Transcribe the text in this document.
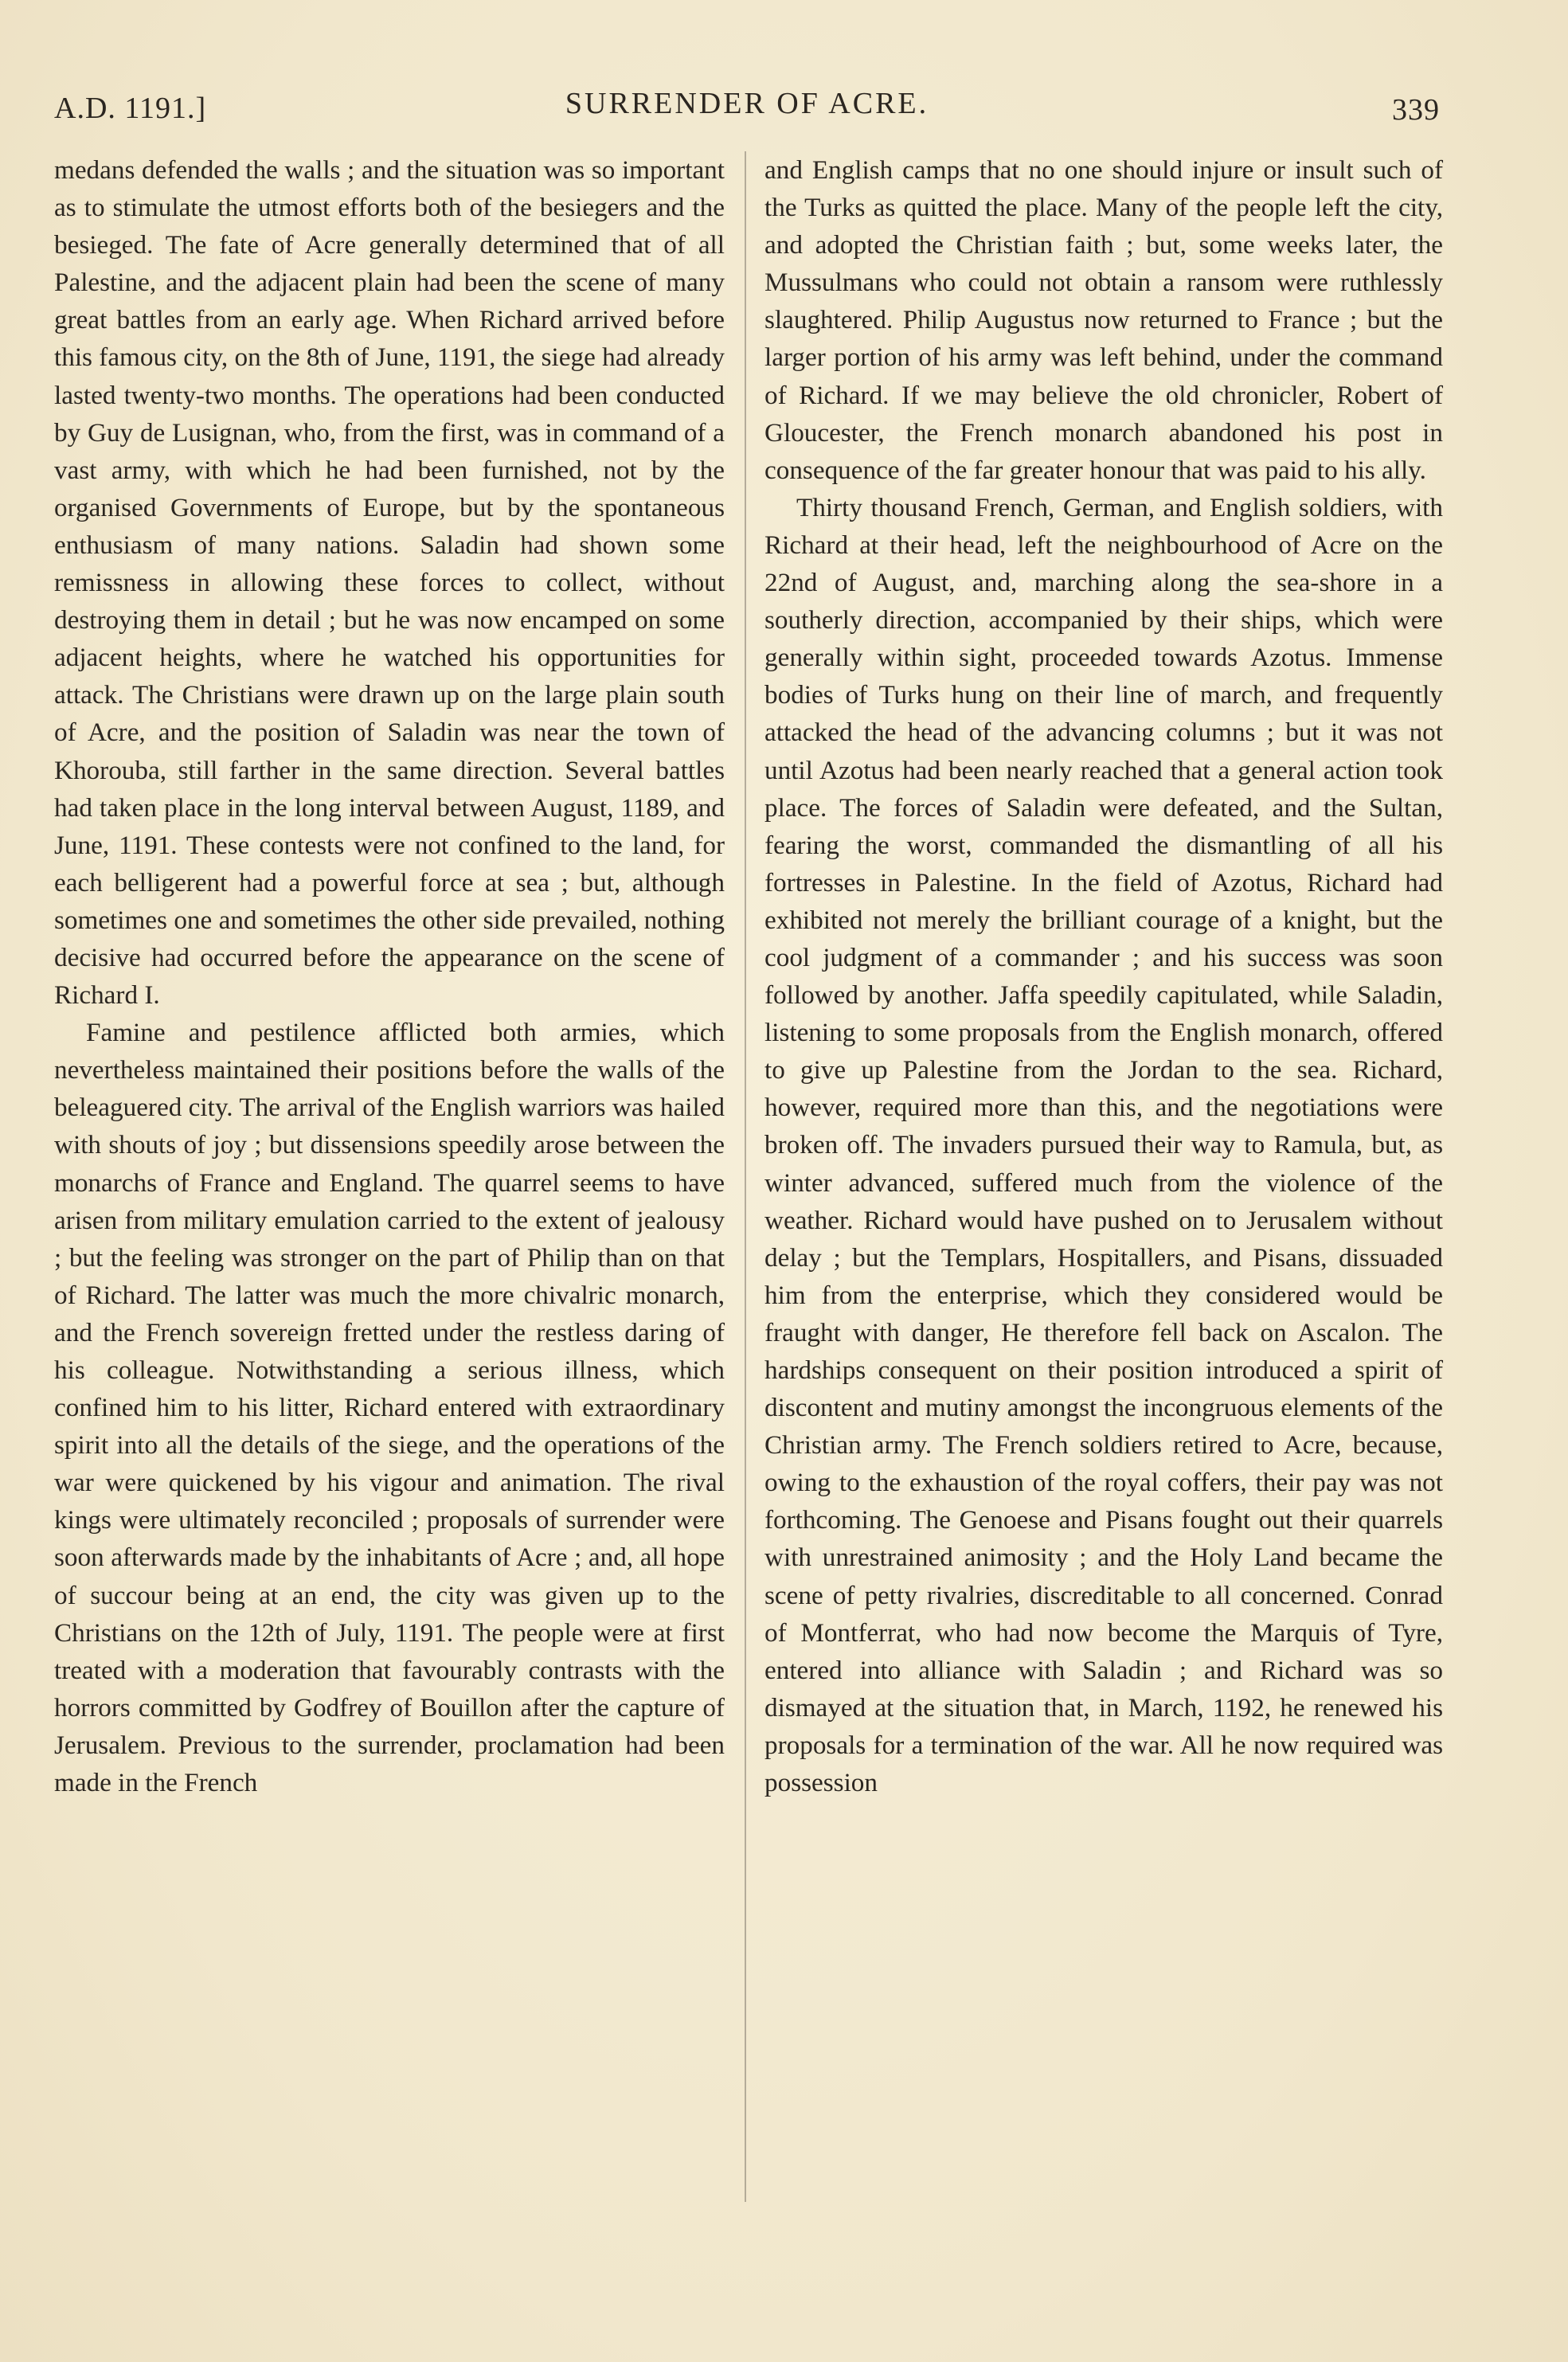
A.D. 1191.]	SURRENDER OF ACRE.	339

medans defended the walls ; and the situation was so important as to stimulate the utmost efforts both of the besiegers and the besieged. The fate of Acre generally determined that of all Palestine, and the adjacent plain had been the scene of many great battles from an early age. When Richard arrived before this famous city, on the 8th of June, 1191, the siege had already lasted twenty-two months. The operations had been conducted by Guy de Lusignan, who, from the first, was in command of a vast army, with which he had been furnished, not by the organised Governments of Europe, but by the spontaneous enthusiasm of many nations. Saladin had shown some remissness in allowing these forces to collect, without destroying them in detail ; but he was now encamped on some adjacent heights, where he watched his opportunities for attack. The Christians were drawn up on the large plain south of Acre, and the position of Saladin was near the town of Khorouba, still farther in the same direction. Several battles had taken place in the long interval between August, 1189, and June, 1191. These contests were not confined to the land, for each belligerent had a powerful force at sea ; but, although sometimes one and sometimes the other side prevailed, nothing decisive had occurred before the appearance on the scene of Richard I.

Famine and pestilence afflicted both armies, which nevertheless maintained their positions before the walls of the beleaguered city. The arrival of the English warriors was hailed with shouts of joy ; but dissensions speedily arose between the monarchs of France and England. The quarrel seems to have arisen from military emulation carried to the extent of jealousy ; but the feeling was stronger on the part of Philip than on that of Richard. The latter was much the more chivalric monarch, and the French sovereign fretted under the restless daring of his colleague. Notwithstanding a serious illness, which confined him to his litter, Richard entered with extraordinary spirit into all the details of the siege, and the operations of the war were quickened by his vigour and animation. The rival kings were ultimately reconciled ; proposals of surrender were soon afterwards made by the inhabitants of Acre ; and, all hope of succour being at an end, the city was given up to the Christians on the 12th of July, 1191. The people were at first treated with a moderation that favourably contrasts with the horrors committed by Godfrey of Bouillon after the capture of Jerusalem. Previous to the surrender, proclamation had been made in the French

and English camps that no one should injure or insult such of the Turks as quitted the place. Many of the people left the city, and adopted the Christian faith ; but, some weeks later, the Mussulmans who could not obtain a ransom were ruthlessly slaughtered. Philip Augustus now returned to France ; but the larger portion of his army was left behind, under the command of Richard. If we may believe the old chronicler, Robert of Gloucester, the French monarch abandoned his post in consequence of the far greater honour that was paid to his ally.

Thirty thousand French, German, and English soldiers, with Richard at their head, left the neighbourhood of Acre on the 22nd of August, and, marching along the sea-shore in a southerly direction, accompanied by their ships, which were generally within sight, proceeded towards Azotus. Immense bodies of Turks hung on their line of march, and frequently attacked the head of the advancing columns ; but it was not until Azotus had been nearly reached that a general action took place. The forces of Saladin were defeated, and the Sultan, fearing the worst, commanded the dismantling of all his fortresses in Palestine. In the field of Azotus, Richard had exhibited not merely the brilliant courage of a knight, but the cool judgment of a commander ; and his success was soon followed by another. Jaffa speedily capitulated, while Saladin, listening to some proposals from the English monarch, offered to give up Palestine from the Jordan to the sea. Richard, however, required more than this, and the negotiations were broken off. The invaders pursued their way to Ramula, but, as winter advanced, suffered much from the violence of the weather. Richard would have pushed on to Jerusalem without delay ; but the Templars, Hospitallers, and Pisans, dissuaded him from the enterprise, which they considered would be fraught with danger, He therefore fell back on Ascalon. The hardships consequent on their position introduced a spirit of discontent and mutiny amongst the incongruous elements of the Christian army. The French soldiers retired to Acre, because, owing to the exhaustion of the royal coffers, their pay was not forthcoming. The Genoese and Pisans fought out their quarrels with unrestrained animosity ; and the Holy Land became the scene of petty rivalries, discreditable to all concerned. Conrad of Montferrat, who had now become the Marquis of Tyre, entered into alliance with Saladin ; and Richard was so dismayed at the situation that, in March, 1192, he renewed his proposals for a termination of the war. All he now required was possession
